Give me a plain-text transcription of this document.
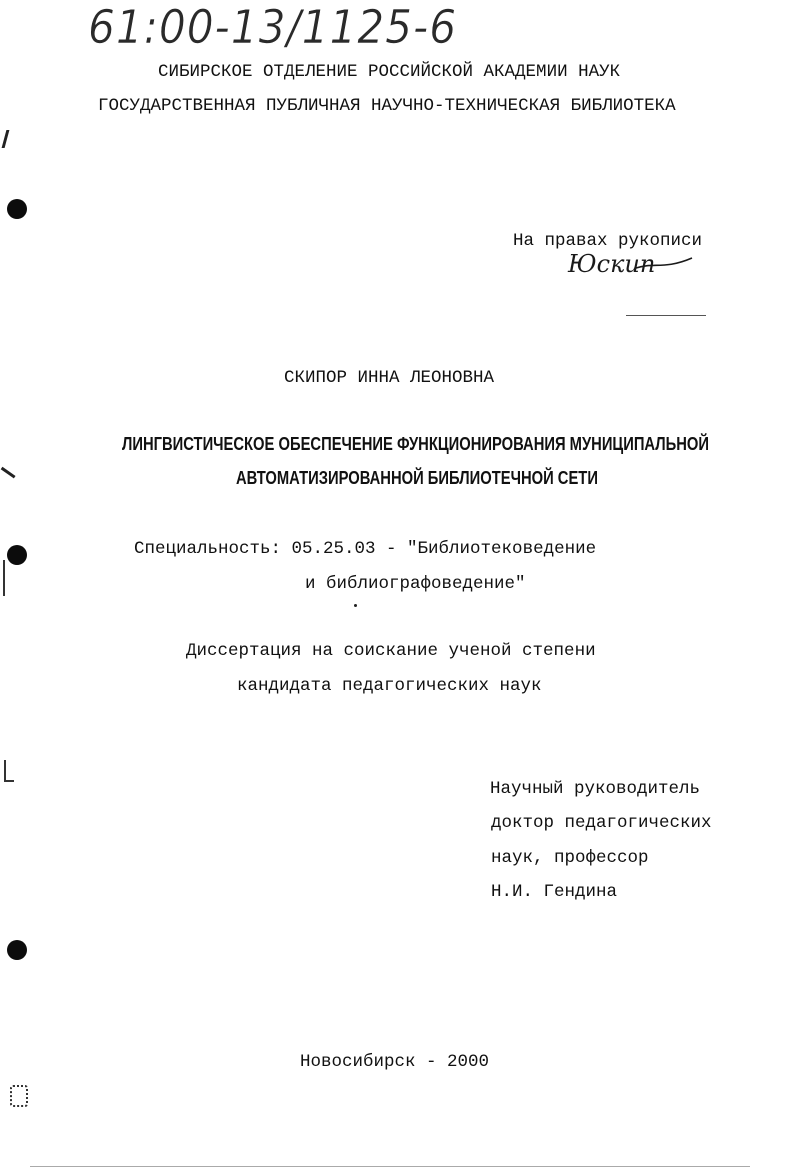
61:00-13/1125-6
СИБИРСКОЕ ОТДЕЛЕНИЕ РОССИЙСКОЙ АКАДЕМИИ НАУК
ГОСУДАРСТВЕННАЯ ПУБЛИЧНАЯ НАУЧНО-ТЕХНИЧЕСКАЯ БИБЛИОТЕКА
На правах рукописи
Юскип
СКИПОР ИННА ЛЕОНОВНА
ЛИНГВИСТИЧЕСКОЕ ОБЕСПЕЧЕНИЕ ФУНКЦИОНИРОВАНИЯ МУНИЦИПАЛЬНОЙ
АВТОМАТИЗИРОВАННОЙ БИБЛИОТЕЧНОЙ СЕТИ
Специальность: 05.25.03 - "Библиотековедение
и библиографоведение"
Диссертация на соискание ученой степени
кандидата педагогических наук
Научный руководитель
доктор педагогических
наук, профессор
Н.И. Гендина
Новосибирск - 2000
